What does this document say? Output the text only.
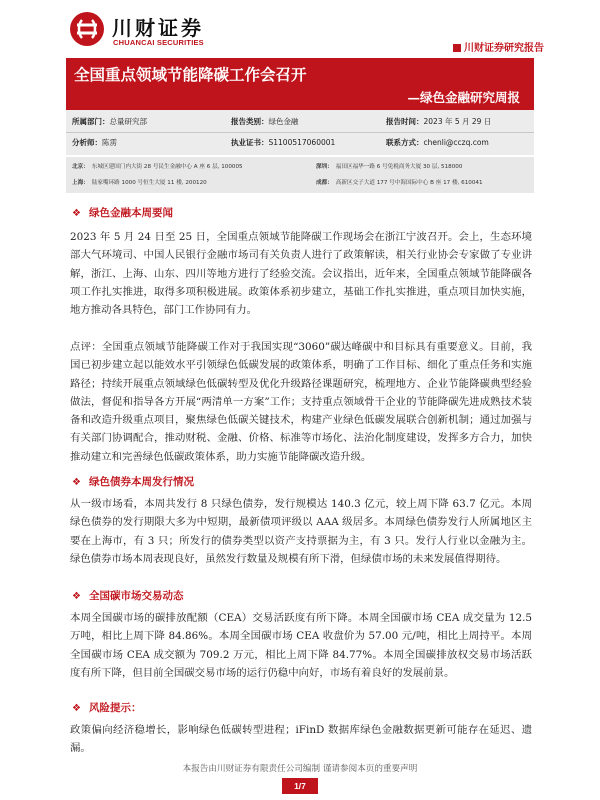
川财证券
CHUANCAI SECURITIES
川财证券研究报告
全国重点领域节能降碳工作会召开
—绿色金融研究周报
所属部门：总量研究部	报告类别：绿色金融	报告时间：2023 年 5 月 29 日
分析师：陈雳	执业证书：S1100517060001	联系方式：chenli@cczq.com
北京： 东城区建国门内大街 28 号民生金融中心 A 座 6 层, 100005	深圳： 福田区福华一路 6 号免税商务大厦 30 层, 518000
上海： 陆家嘴环路 1000 号恒生大厦 11 楼, 200120	成都： 高新区交子大道 177 号中海国际中心 B 座 17 楼, 610041
❖ 绿色金融本周要闻
2023 年 5 月 24 日至 25 日，全国重点领域节能降碳工作现场会在浙江宁波召开。会上，生态环境部大气环境司、中国人民银行金融市场司有关负责人进行了政策解读，相关行业协会专家做了专业讲解，浙江、上海、山东、四川等地方进行了经验交流。会议指出，近年来，全国重点领域节能降碳各项工作扎实推进，取得多项积极进展。政策体系初步建立，基础工作扎实推进，重点项目加快实施，地方推动各具特色，部门工作协同有力。
点评：全国重点领域节能降碳工作对于我国实现“3060”碳达峰碳中和目标具有重要意义。目前，我国已初步建立起以能效水平引领绿色低碳发展的政策体系，明确了工作目标、细化了重点任务和实施路径；持续开展重点领域绿色低碳转型及优化升级路径课题研究，梳理地方、企业节能降碳典型经验做法，督促和指导各方开展“两清单一方案”工作；支持重点领域骨干企业的节能降碳先进成熟技术装备和改造升级重点项目，聚焦绿色低碳关键技术，构建产业绿色低碳发展联合创新机制；通过加强与有关部门协调配合，推动财税、金融、价格、标准等市场化、法治化制度建设，发挥多方合力，加快推动建立和完善绿色低碳政策体系，助力实施节能降碳改造升级。
❖ 绿色债券本周发行情况
从一级市场看，本周共发行 8 只绿色债券，发行规模达 140.3 亿元，较上周下降 63.7 亿元。本周绿色债券的发行期限大多为中短期，最新债项评级以 AAA 级居多。本周绿色债券发行人所属地区主要在上海市，有 3 只；所发行的债券类型以资产支持票据为主，有 3 只。发行人行业以金融为主。绿色债券市场本周表现良好，虽然发行数量及规模有所下滑，但绿债市场的未来发展值得期待。
❖ 全国碳市场交易动态
本周全国碳市场的碳排放配额（CEA）交易活跃度有所下降。本周全国碳市场 CEA 成交量为 12.5 万吨，相比上周下降 84.86%。本周全国碳市场 CEA 收盘价为 57.00 元/吨，相比上周持平。本周全国碳市场 CEA 成交额为 709.2 万元，相比上周下降 84.77%。本周全国碳排放权交易市场活跃度有所下降，但目前全国碳交易市场的运行仍稳中向好，市场有着良好的发展前景。
❖ 风险提示：
政策偏向经济稳增长，影响绿色低碳转型进程；iFinD 数据库绿色金融数据更新可能存在延迟、遗漏。
本报告由川财证券有限责任公司编制 谨请参阅本页的重要声明
1/7
